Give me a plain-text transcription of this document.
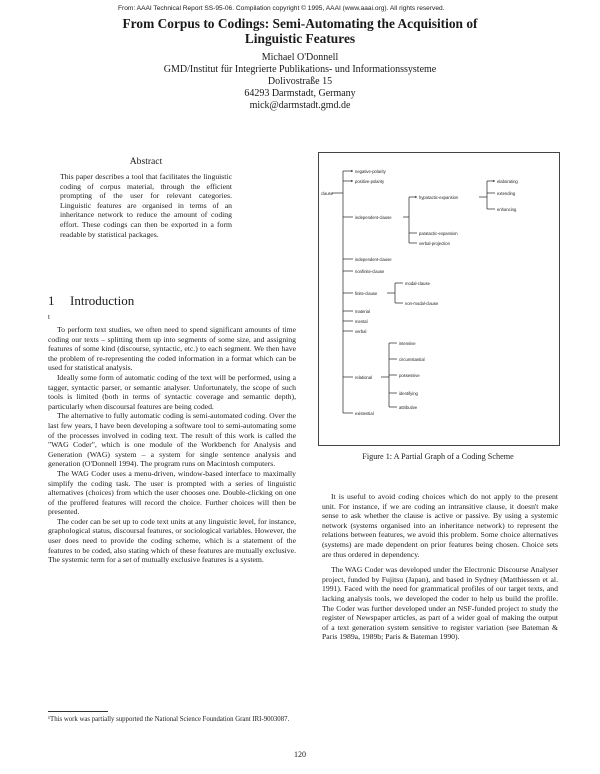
From: AAAI Technical Report SS-95-06. Compilation copyright © 1995, AAAI (www.aaai.org). All rights reserved.
From Corpus to Codings: Semi-Automating the Acquisition of
Linguistic Features
Michael O'Donnell
GMD/Institut für Integrierte Publikations- und Informationssysteme
Dolivostraße 15
64293 Darmstadt, Germany
mick@darmstadt.gmd.de
Abstract
This paper describes a tool that facilitates the linguistic coding of corpus material, through the efficient prompting of the user for relevant categories. Linguistic features are organised in terms of an inheritance network to reduce the amount of coding effort. These codings can then be exported in a form readable by statistical packages.
1 Introduction
t

To perform text studies, we often need to spend significant amounts of time coding our texts – splitting them up into segments of some size, and assigning features of some kind (discourse, syntactic, etc.) to each segment. We then have the problem of re-representing the coded information in a format which can be used for statistical analysis.

Ideally some form of automatic coding of the text will be performed, using a tagger, syntactic parser, or semantic analyser. Unfortunately, the scope of such tools is limited (both in terms of syntactic coverage and semantic depth), particularly when discoursal features are being coded.

The alternative to fully automatic coding is semi-automated coding. Over the last few years, I have been developing a software tool to semi-automating some of the processes involved in coding text. The result of this work is called the "WAG Coder", which is one module of the Workbench for Analysis and Generation (WAG) system – a system for single sentence analysis and generation (O'Donnell 1994). The program runs on Macintosh computers.

The WAG Coder uses a menu-driven, window-based interface to maximally simplify the coding task. The user is prompted with a series of linguistic alternatives (choices) from which the user chooses one. Double-clicking on one of the proffered features will record the choice. Further choices will then be presented.

The coder can be set up to code text units at any linguistic level, for instance, graphological status, discoursal features, or sociological variables. However, the user does need to provide the coding scheme, which is a statement of the features to be coded, also stating which of these features are mutually exclusive. The systemic term for a set of mutually exclusive features is a system.

¹This work was partially supported the National Science Foundation Grant IRI-9003087.
clause
negative-polarity
positive-polarity
independent-clause
hypotactic-expansion
elaborating
extending
enhancing
paratactic-expansion
verbal-projection
independent-clause
nonfinite-clause
finite-clause
modal-clause
non-modal-clause
material
mental
verbal
relational
intensive
circumstantial
possessive
identifying
attributive
existential
Figure 1: A Partial Graph of a Coding Scheme

It is useful to avoid coding choices which do not apply to the present unit. For instance, if we are coding an intransitive clause, it doesn't make sense to ask whether the clause is active or passive. By using a systemic network (systems organised into an inheritance network) to represent the relations between features, we avoid this problem. Some choice alternatives (systems) are made dependent on prior features being chosen. Choice sets are thus ordered in dependency.

The WAG Coder was developed under the Electronic Discourse Analyser project, funded by Fujitsu (Japan), and based in Sydney (Matthiessen et al. 1991). Faced with the need for grammatical profiles of our target texts, and lacking analysis tools, we developed the coder to help us build the profile. The Coder was further developed under an NSF-funded project to study the register of Newspaper articles, as part of a wider goal of making the output of a text generation system sensitive to register variation (see Bateman & Paris 1989a, 1989b; Paris & Bateman 1990).

120
